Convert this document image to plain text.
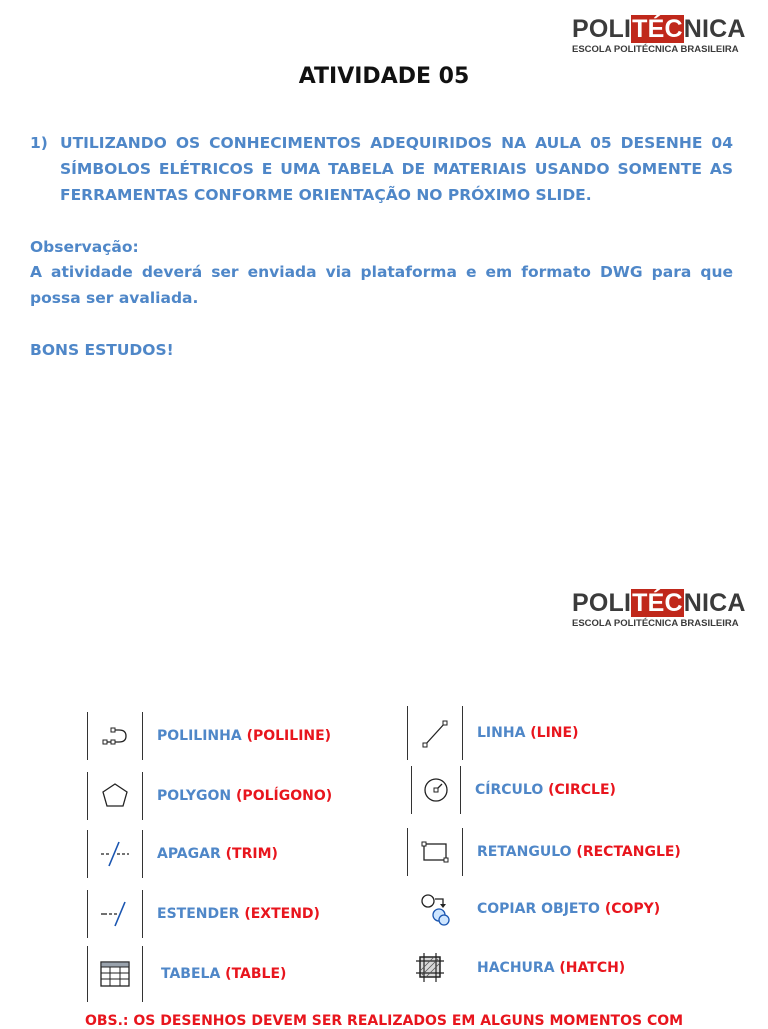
POLITÉCNICA
ESCOLA POLITÉCNICA BRASILEIRA
ATIVIDADE 05
1) UTILIZANDO OS CONHECIMENTOS ADEQUIRIDOS NA AULA 05 DESENHE 04 SÍMBOLOS ELÉTRICOS E UMA TABELA DE MATERIAIS USANDO SOMENTE AS FERRAMENTAS CONFORME ORIENTAÇÃO NO PRÓXIMO SLIDE.
Observação:
A atividade deverá ser enviada via plataforma e em formato DWG para que possa ser avaliada.
BONS ESTUDOS!
POLITÉCNICA
ESCOLA POLITÉCNICA BRASILEIRA
POLILINHA (POLILINE)
POLYGON (POLÍGONO)
APAGAR (TRIM)
ESTENDER (EXTEND)
TABELA (TABLE)
LINHA (LINE)
CÍRCULO (CIRCLE)
RETANGULO (RECTANGLE)
COPIAR OBJETO (COPY)
HACHURA (HATCH)
OBS.: OS DESENHOS DEVEM SER REALIZADOS EM ALGUNS MOMENTOS COM
